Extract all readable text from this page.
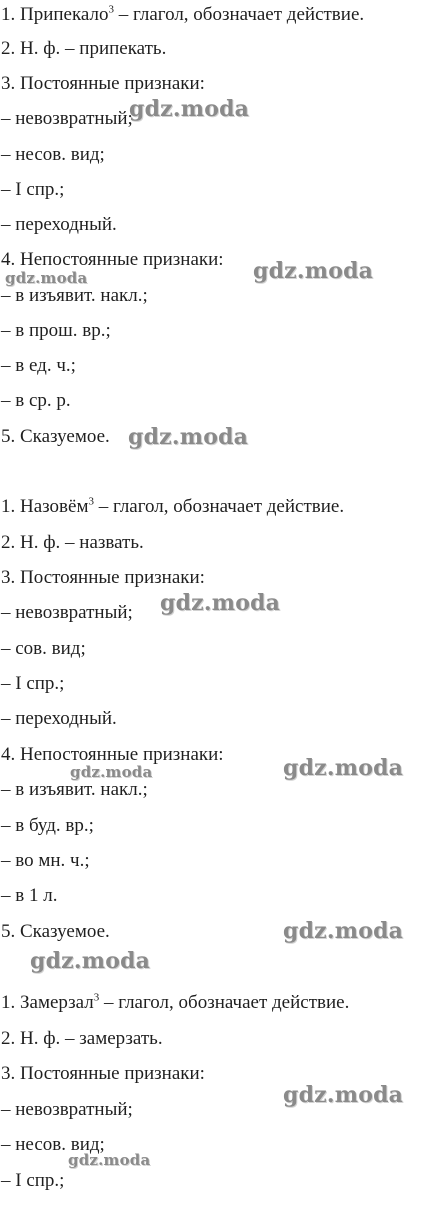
1. Припекало$^3$ – глагол, обозначает действие.
2. Н. ф. – припекать.
3. Постоянные признаки:
– невозвратный;
– несов. вид;
– I спр.;
– переходный.
4. Непостоянные признаки:
– в изъявит. накл.;
– в прош. вр.;
– в ед. ч.;
– в ср. р.
5. Сказуемое.
1. Назовём$^3$ – глагол, обозначает действие.
2. Н. ф. – назвать.
3. Постоянные признаки:
– невозвратный;
– сов. вид;
– I спр.;
– переходный.
4. Непостоянные признаки:
– в изъявит. накл.;
– в буд. вр.;
– во мн. ч.;
– в 1 л.
5. Сказуемое.
1. Замерзал$^3$ – глагол, обозначает действие.
2. Н. ф. – замерзать.
3. Постоянные признаки:
– невозвратный;
– несов. вид;
– I спр.;
gdz.moda
gdz.moda
gdz.moda
gdz.moda
gdz.moda
gdz.moda
gdz.moda
gdz.moda
gdz.moda
gdz.moda
gdz.moda
